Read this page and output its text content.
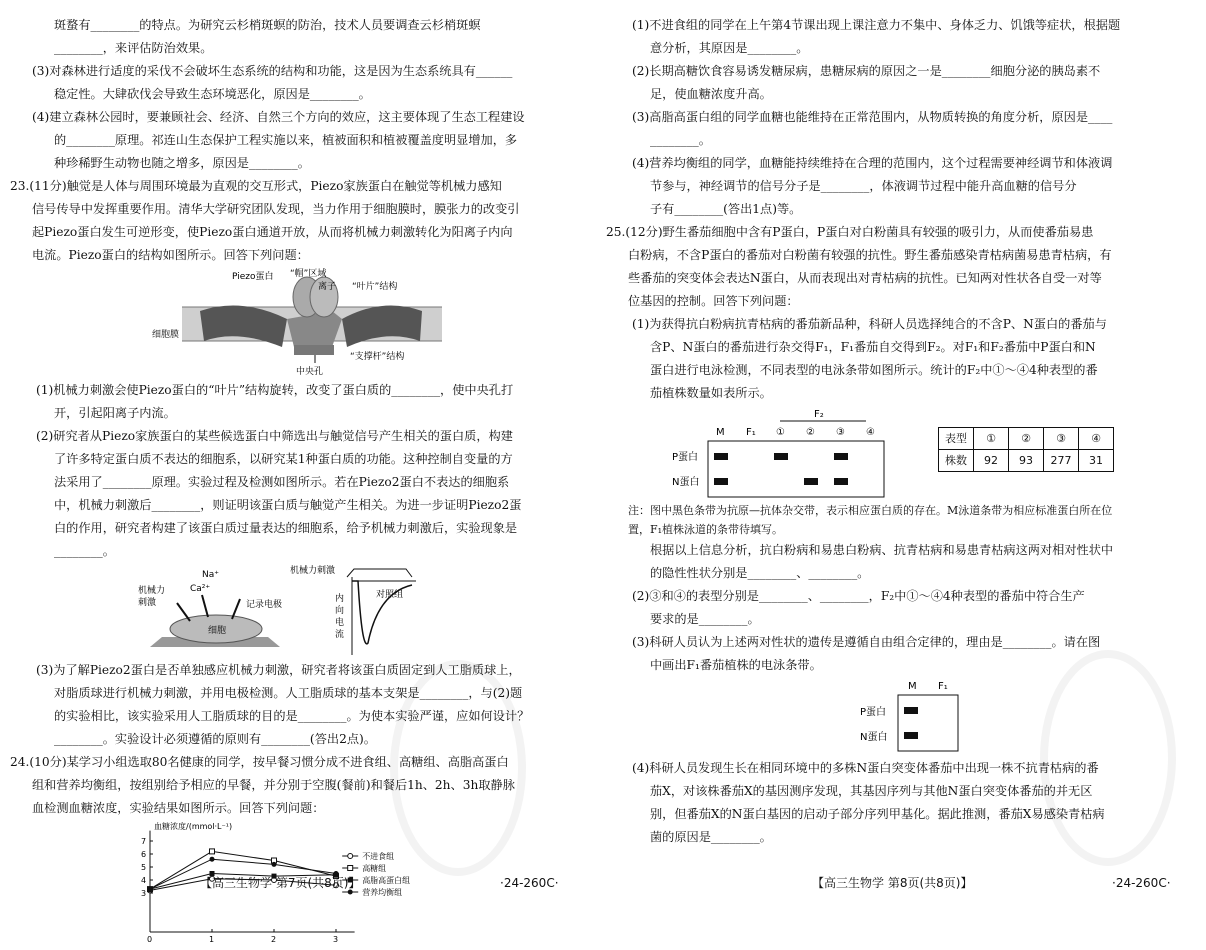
斑蝥有________的特点。为研究云杉梢斑螟的防治，技术人员要调查云杉梢斑螟

________，来评估防治效果。

(3)对森林进行适度的采伐不会破坏生态系统的结构和功能，这是因为生态系统具有______

稳定性。大肆砍伐会导致生态环境恶化，原因是________。

(4)建立森林公园时，要兼顾社会、经济、自然三个方向的效应，这主要体现了生态工程建设

的________原理。祁连山生态保护工程实施以来，植被面积和植被覆盖度明显增加，多

种珍稀野生动物也随之增多，原因是________。

23.(11分)触觉是人体与周围环境最为直观的交互形式，Piezo家族蛋白在触觉等机械力感知

信号传导中发挥重要作用。清华大学研究团队发现，当力作用于细胞膜时，膜张力的改变引

起Piezo蛋白发生可逆形变，使Piezo蛋白通道开放，从而将机械力刺激转化为阳离子内向

电流。Piezo蛋白的结构如图所示。回答下列问题：

Piezo蛋白 “帽”区域
离子 “叶片”结构
细胞膜
“支撑杆”结构
中央孔

(1)机械力刺激会使Piezo蛋白的“叶片”结构旋转，改变了蛋白质的________，使中央孔打

开，引起阳离子内流。

(2)研究者从Piezo家族蛋白的某些候选蛋白中筛选出与触觉信号产生相关的蛋白质，构建

了许多特定蛋白质不表达的细胞系，以研究某1种蛋白质的功能。这种控制自变量的方

法采用了________原理。实验过程及检测如图所示。若在Piezo2蛋白不表达的细胞系

中，机械力刺激后________，则证明该蛋白质与触觉产生相关。为进一步证明Piezo2蛋

白的作用，研究者构建了该蛋白质过量表达的细胞系，给予机械力刺激后，实验现象是

________。

机械力
刺激
Na⁺
Ca²⁺
记录电极
细胞
机械力刺激
内
向
电
流
对照组

(3)为了解Piezo2蛋白是否单独感应机械力刺激，研究者将该蛋白质固定到人工脂质球上，

对脂质球进行机械力刺激，并用电极检测。人工脂质球的基本支架是________，与(2)题

的实验相比，该实验采用人工脂质球的目的是________。为使本实验严谨，应如何设计？

________。实验设计必须遵循的原则有________(答出2点)。

24.(10分)某学习小组选取80名健康的同学，按早餐习惯分成不进食组、高糖组、高脂高蛋白

组和营养均衡组，按组别给予相应的早餐，并分别于空腹(餐前)和餐后1h、2h、3h取静脉

血检测血糖浓度，实验结果如图所示。回答下列问题：

血糖浓度/(mmol·L⁻¹)
3
4
5
6
7
0	1	2	3
不进食组
高糖组
高脂高蛋白组
营养均衡组
【高三生物学 第7页(共8页)】	·24-260C·

(1)不进食组的同学在上午第4节课出现上课注意力不集中、身体乏力、饥饿等症状，根据题

意分析，其原因是________。

(2)长期高糖饮食容易诱发糖尿病，患糖尿病的原因之一是________细胞分泌的胰岛素不

足，使血糖浓度升高。

(3)高脂高蛋白组的同学血糖也能维持在正常范围内，从物质转换的角度分析，原因是____

________。

(4)营养均衡组的同学，血糖能持续维持在合理的范围内，这个过程需要神经调节和体液调

节参与，神经调节的信号分子是________，体液调节过程中能升高血糖的信号分

子有________(答出1点)等。

25.(12分)野生番茄细胞中含有P蛋白，P蛋白对白粉菌具有较强的吸引力，从而使番茄易患

白粉病，不含P蛋白的番茄对白粉菌有较强的抗性。野生番茄感染青枯病菌易患青枯病，有

些番茄的突变体会表达N蛋白，从而表现出对青枯病的抗性。已知两对性状各自受一对等

位基因的控制。回答下列问题：

(1)为获得抗白粉病抗青枯病的番茄新品种，科研人员选择纯合的不含P、N蛋白的番茄与

含P、N蛋白的番茄进行杂交得F₁，F₁番茄自交得到F₂。对F₁和F₂番茄中P蛋白和N

蛋白进行电泳检测，不同表型的电泳条带如图所示。统计的F₂中①～④4种表型的番

茄植株数量如表所示。

F₂
M F₁ ① ② ③ ④
P蛋白
N蛋白
表型	①	②	③	④
株数	92	93	277	31

注：图中黑色条带为抗原—抗体杂交带，表示相应蛋白质的存在。M泳道条带为相应标准蛋白所在位

置，F₁植株泳道的条带待填写。

根据以上信息分析，抗白粉病和易患白粉病、抗青枯病和易患青枯病这两对相对性状中

的隐性性状分别是________、________。

(2)③和④的表型分别是________、________，F₂中①～④4种表型的番茄中符合生产

要求的是________。

(3)科研人员认为上述两对性状的遗传是遵循自由组合定律的，理由是________。请在图

中画出F₁番茄植株的电泳条带。

M F₁
P蛋白
N蛋白

(4)科研人员发现生长在相同环境中的多株N蛋白突变体番茄中出现一株不抗青枯病的番

茄X，对该株番茄X的基因测序发现，其基因序列与其他N蛋白突变体番茄的并无区

别，但番茄X的N蛋白基因的启动子部分序列甲基化。据此推测，番茄X易感染青枯病

菌的原因是________。

【高三生物学 第8页(共8页)】	·24-260C·
